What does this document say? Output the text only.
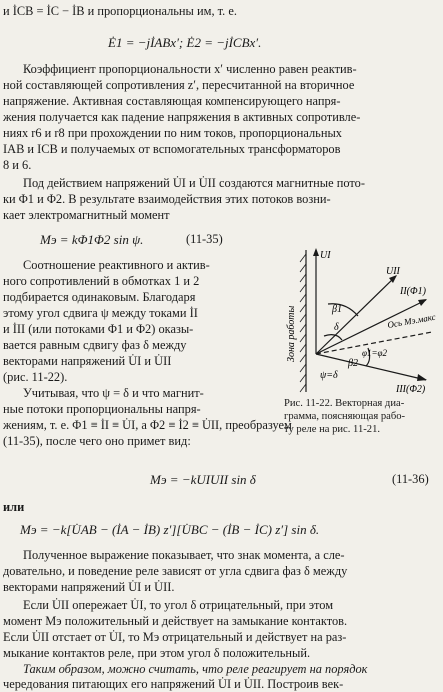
и İCB = İC − İB и пропорциональны им, т. е.
Ė1 = −jİABx′; Ė2 = −jİCBx′.
Коэффициент пропорциональности x′ численно равен реактив-
ной составляющей сопротивления z′, пересчитанной на вторичное
напряжение. Активная составляющая компенсирующего напря-
жения получается как падение напряжения в активных сопротивле-
ниях r6 и r8 при прохождении по ним токов, пропорциональных
IAB и ICB и получаемых от вспомогательных трансформаторов
8 и 6.
Под действием напряжений U̇I и U̇II создаются магнитные пото-
ки Φ1 и Φ2. В результате взаимодействия этих потоков возни-
кает электромагнитный момент
Mэ = kΦ1Φ2 sin ψ.	(11-35)
Соотношение реактивного и актив-
ного сопротивлений в обмотках 1 и 2
подбирается одинаковым. Благодаря
этому угол сдвига ψ между токами İI
и İII (или потоками Φ1 и Φ2) оказы-
вается равным сдвигу фаз δ между
векторами напряжений U̇I и U̇II
(рис. 11-22).
Учитывая, что ψ = δ и что магнит-
ные потоки пропорциональны напря-
Зона работы
UI
UII
II(Φ1)
III(Φ2)
β1
β2
δ
ψ=δ
φ1=φ2
Ось Mэ.макс
Рис. 11-22. Векторная диа-
грамма, поясняющая рабо-
ту реле на рис. 11-21.
жениям, т. е. Φ1 ≡ İI ≡ U̇I, а Φ2 ≡ İ2 ≡ U̇II, преобразуем
(11-35), после чего оно примет вид:
Mэ = −kUIUII sin δ	(11-36)
или
Mэ = −k[U̇AB − (İA − İB) z′][U̇BC − (İB − İC) z′] sin δ.
Полученное выражение показывает, что знак момента, а сле-
довательно, и поведение реле зависят от угла сдвига фаз δ между
векторами напряжений U̇I и U̇II.
Если U̇II опережает U̇I, то угол δ отрицательный, при этом
момент Mэ положительный и действует на замыкание контактов.
Если U̇II отстает от U̇I, то Mэ отрицательный и действует на раз-
мыкание контактов реле, при этом угол δ положительный.
Таким образом, можно считать, что реле реагирует на порядок
чередования питающих его напряжений U̇I и U̇II. Построив век-
